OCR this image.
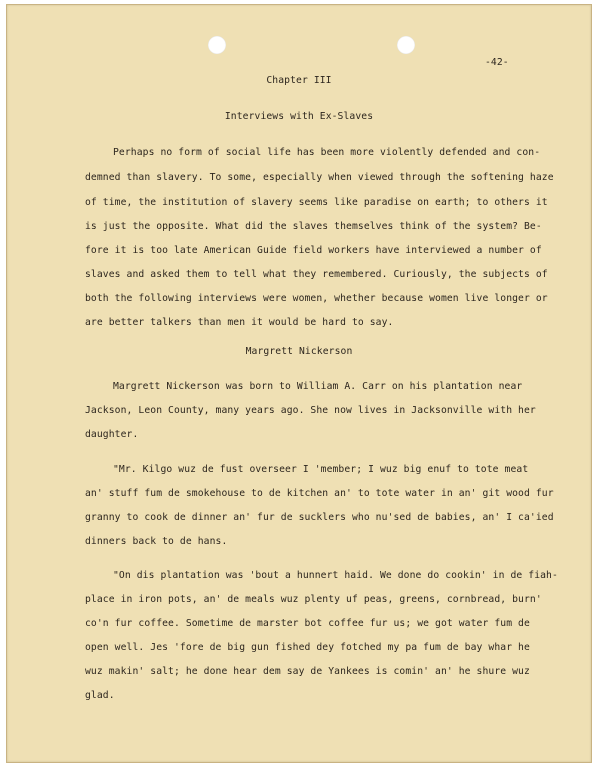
-42-
Chapter III
Interviews with Ex-Slaves
Perhaps no form of social life has been more violently defended and con-
demned than slavery. To some, especially when viewed through the softening haze
of time, the institution of slavery seems like paradise on earth; to others it
is just the opposite. What did the slaves themselves think of the system? Be-
fore it is too late American Guide field workers have interviewed a number of
slaves and asked them to tell what they remembered. Curiously, the subjects of
both the following interviews were women, whether because women live longer or
are better talkers than men it would be hard to say.
Margrett Nickerson
Margrett Nickerson was born to William A. Carr on his plantation near
Jackson, Leon County, many years ago. She now lives in Jacksonville with her
daughter.
"Mr. Kilgo wuz de fust overseer I 'member; I wuz big enuf to tote meat
an' stuff fum de smokehouse to de kitchen an' to tote water in an' git wood fur
granny to cook de dinner an' fur de sucklers who nu'sed de babies, an' I ca'ied
dinners back to de hans.
"On dis plantation was 'bout a hunnert haid. We done do cookin' in de fiah-
place in iron pots, an' de meals wuz plenty uf peas, greens, cornbread, burn'
co'n fur coffee. Sometime de marster bot coffee fur us; we got water fum de
open well. Jes 'fore de big gun fished dey fotched my pa fum de bay whar he
wuz makin' salt; he done hear dem say de Yankees is comin' an' he shure wuz
glad.
